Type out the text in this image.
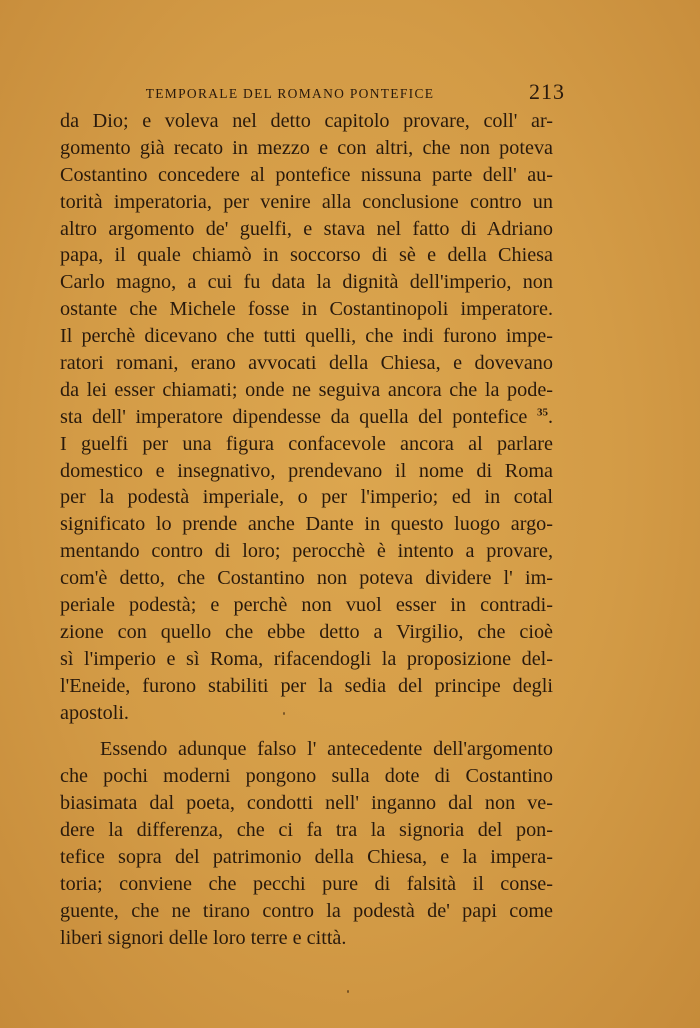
TEMPORALE DEL ROMANO PONTEFICE	213
da Dio; e voleva nel detto capitolo provare, coll' ar-
gomento già recato in mezzo e con altri, che non poteva
Costantino concedere al pontefice nissuna parte dell' au-
torità imperatoria, per venire alla conclusione contro un
altro argomento de' guelfi, e stava nel fatto di Adriano
papa, il quale chiamò in soccorso di sè e della Chiesa
Carlo magno, a cui fu data la dignità dell'imperio, non
ostante che Michele fosse in Costantinopoli imperatore.
Il perchè dicevano che tutti quelli, che indi furono impe-
ratori romani, erano avvocati della Chiesa, e dovevano
da lei esser chiamati; onde ne seguiva ancora che la pode-
sta dell' imperatore dipendesse da quella del pontefice $^{35}$.
I guelfi per una figura confacevole ancora al parlare
domestico e insegnativo, prendevano il nome di Roma
per la podestà imperiale, o per l'imperio; ed in cotal
significato lo prende anche Dante in questo luogo argo-
mentando contro di loro; perocchè è intento a provare,
com'è detto, che Costantino non poteva dividere l' im-
periale podestà; e perchè non vuol esser in contradi-
zione con quello che ebbe detto a Virgilio, che cioè
sì l'imperio e sì Roma, rifacendogli la proposizione del-
l'Eneide, furono stabiliti per la sedia del principe degli
apostoli.
Essendo adunque falso l' antecedente dell'argomento
che pochi moderni pongono sulla dote di Costantino
biasimata dal poeta, condotti nell' inganno dal non ve-
dere la differenza, che ci fa tra la signoria del pon-
tefice sopra del patrimonio della Chiesa, e la impera-
toria; conviene che pecchi pure di falsità il conse-
guente, che ne tirano contro la podestà de' papi come
liberi signori delle loro terre e città.
